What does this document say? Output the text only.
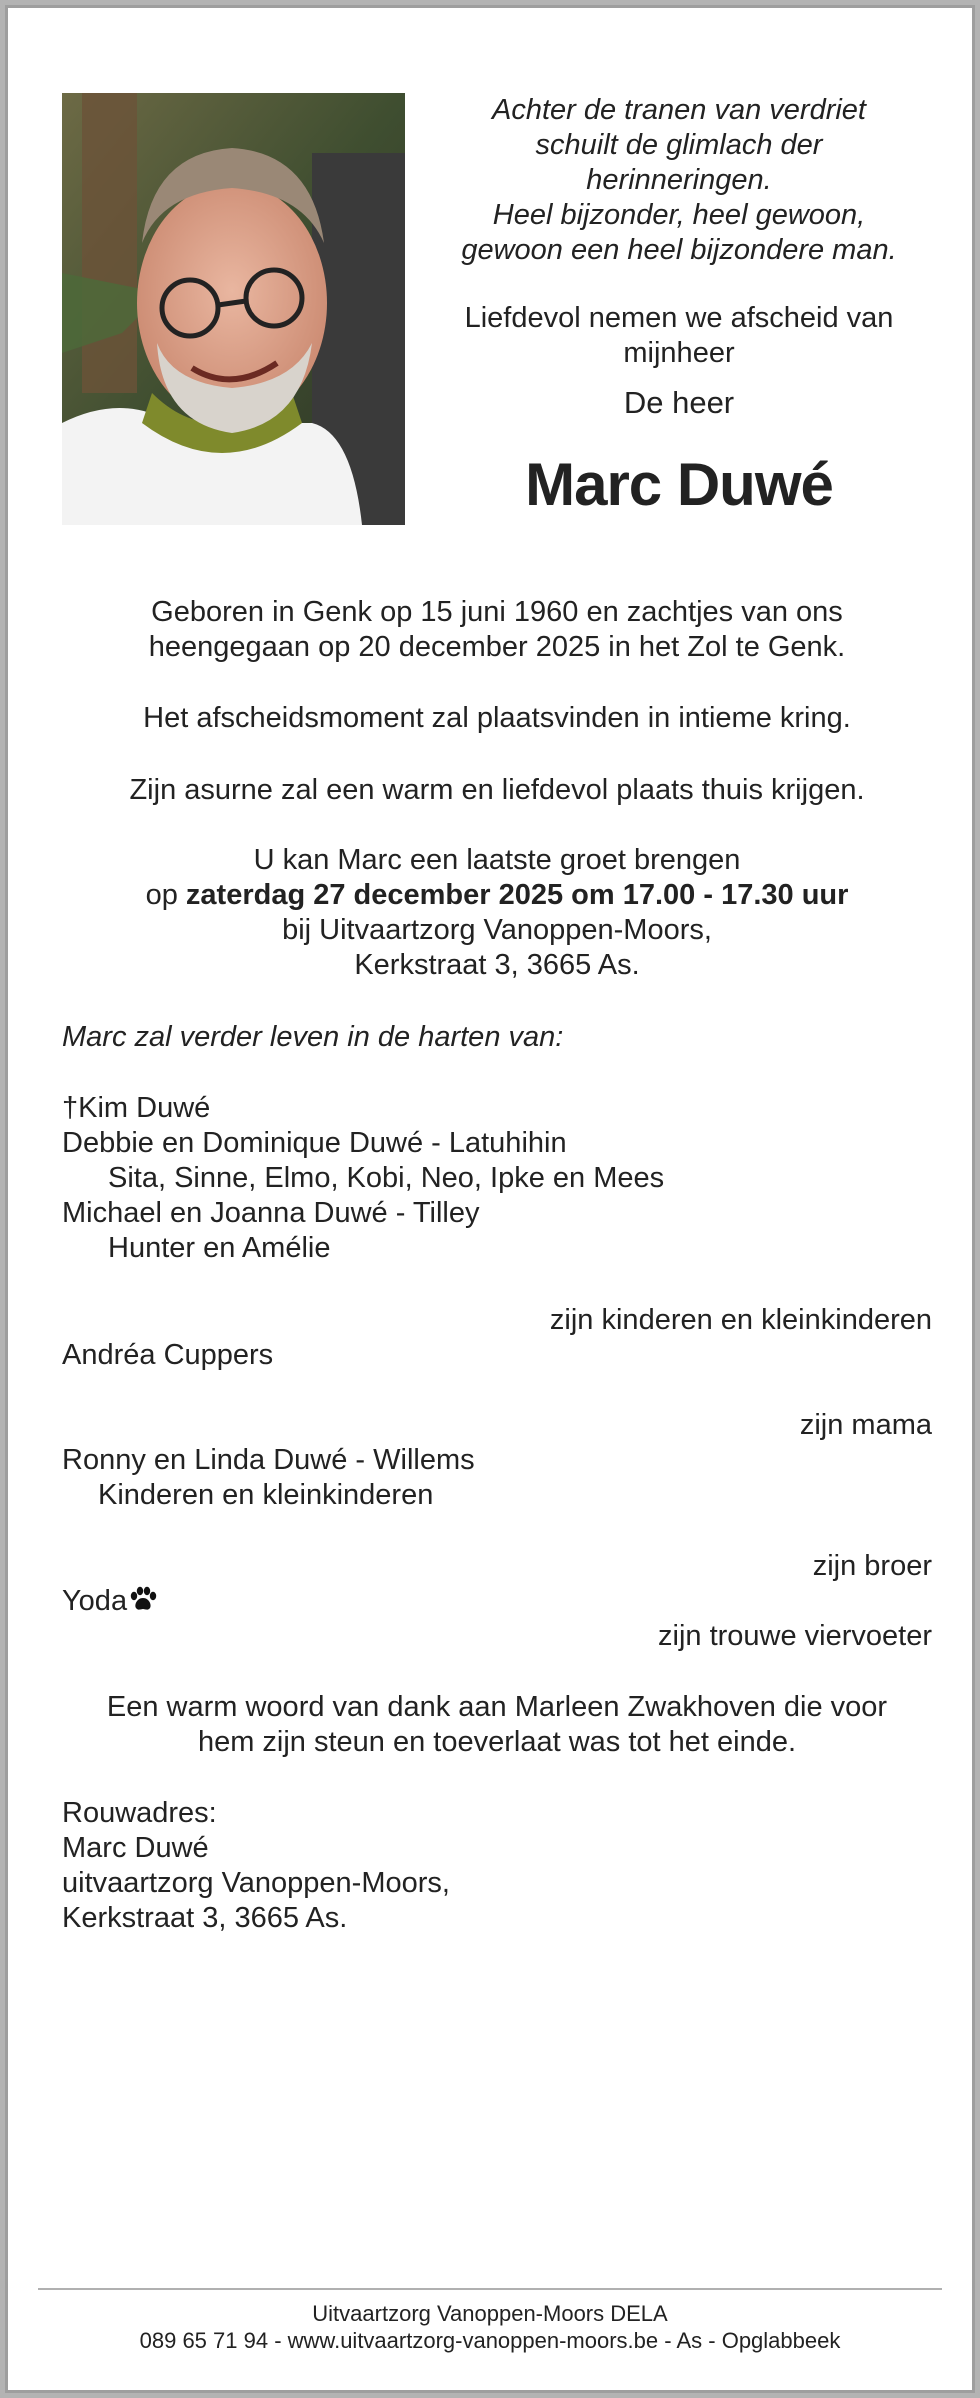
Achter de tranen van verdriet
schuilt de glimlach der
herinneringen.
Heel bijzonder, heel gewoon,
gewoon een heel bijzondere man.
Liefdevol nemen we afscheid van
mijnheer
De heer
Marc Duwé
Geboren in Genk op 15 juni 1960 en zachtjes van ons
heengegaan op 20 december 2025 in het Zol te Genk.
Het afscheidsmoment zal plaatsvinden in intieme kring.
Zijn asurne zal een warm en liefdevol plaats thuis krijgen.
U kan Marc een laatste groet brengen
op zaterdag 27 december 2025 om 17.00 - 17.30 uur
bij Uitvaartzorg Vanoppen-Moors,
Kerkstraat 3, 3665 As.
Marc zal verder leven in de harten van:
†Kim Duwé
Debbie en Dominique Duwé - Latuhihin
Sita, Sinne, Elmo, Kobi, Neo, Ipke en Mees
Michael en Joanna Duwé - Tilley
Hunter en Amélie
zijn kinderen en kleinkinderen
Andréa Cuppers
zijn mama
Ronny en Linda Duwé - Willems
Kinderen en kleinkinderen
zijn broer
Yoda
zijn trouwe viervoeter
Een warm woord van dank aan Marleen Zwakhoven die voor
hem zijn steun en toeverlaat was tot het einde.
Rouwadres:
Marc Duwé
uitvaartzorg Vanoppen-Moors,
Kerkstraat 3, 3665 As.
Uitvaartzorg Vanoppen-Moors DELA
089 65 71 94 - www.uitvaartzorg-vanoppen-moors.be - As - Opglabbeek
